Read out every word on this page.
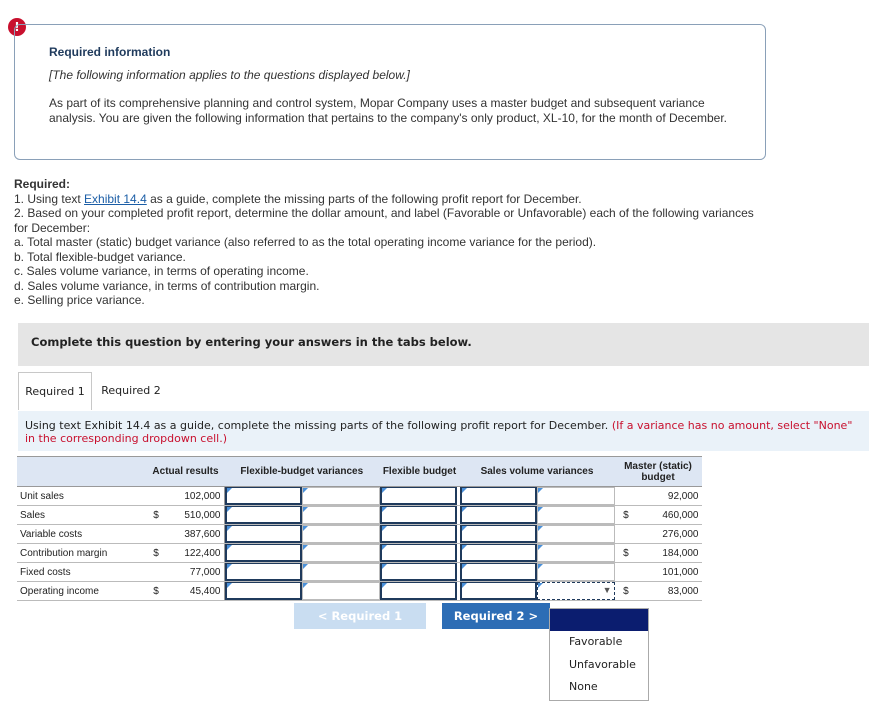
!
Required information
[The following information applies to the questions displayed below.]
As part of its comprehensive planning and control system, Mopar Company uses a master budget and subsequent variance analysis. You are given the following information that pertains to the company's only product, XL-10, for the month of December.
Required:
1. Using text Exhibit 14.4 as a guide, complete the missing parts of the following profit report for December.
2. Based on your completed profit report, determine the dollar amount, and label (Favorable or Unfavorable) each of the following variances for December:
a. Total master (static) budget variance (also referred to as the total operating income variance for the period).
b. Total flexible-budget variance.
c. Sales volume variance, in terms of operating income.
d. Sales volume variance, in terms of contribution margin.
e. Selling price variance.
Complete this question by entering your answers in the tabs below.
Required 1	Required 2
Using text Exhibit 14.4 as a guide, complete the missing parts of the following profit report for December. (If a variance has no amount, select "None" in the corresponding dropdown cell.)
	Actual results		Flexible-budget variances		Flexible budget	Sales volume variances		Master (static) budget	
Unit sales		102,000							92,000
Sales	$	510,000						$	460,000
Variable costs		387,600							276,000
Contribution margin	$	122,400						$	184,000
Fixed costs		77,000							101,000
Operating income	$	45,400					▼	$	83,000
< Required 1	Required 2 >
Favorable
Unfavorable
None
